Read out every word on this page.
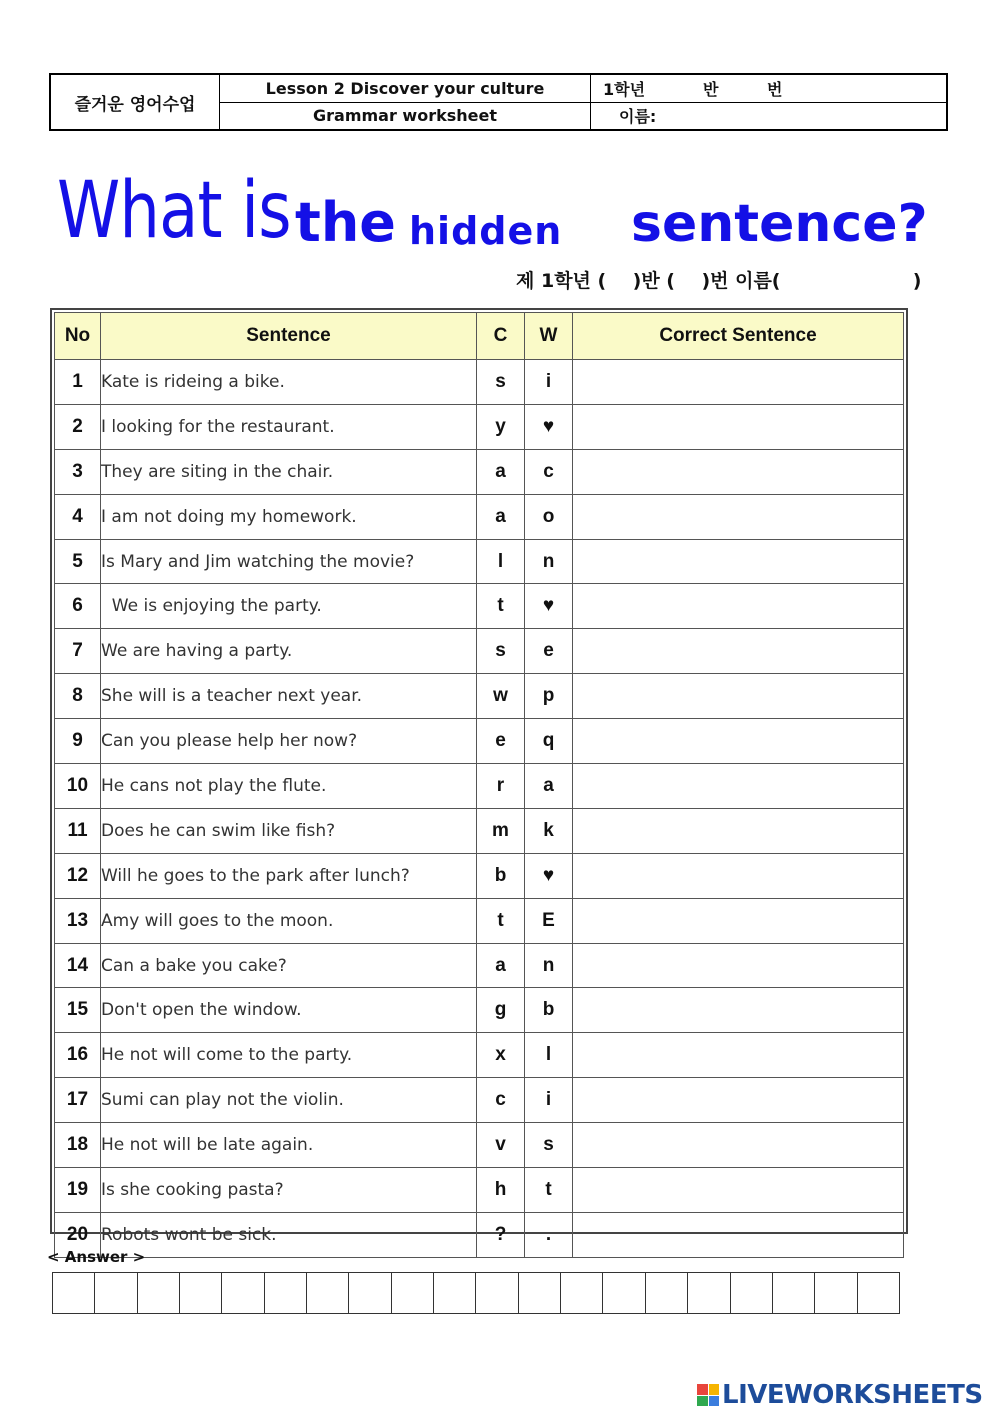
즐거운 영어수업
Lesson 2 Discover your culture
Grammar worksheet
1학년	반	번
이름:
What is the hidden sentence?
제 1학년 (    )반 (    )번 이름(                    )
No	Sentence	C	W	Correct Sentence
1	Kate is rideing a bike.	s	i	
2	I looking for the restaurant.	y	♥	
3	They are siting in the chair.	a	c	
4	I am not doing my homework.	a	o	
5	Is Mary and Jim watching the movie?	l	n	
6	We is enjoying the party.	t	♥	
7	We are having a party.	s	e	
8	She will is a teacher next year.	w	p	
9	Can you please help her now?	e	q	
10	He cans not play the flute.	r	a	
11	Does he can swim like fish?	m	k	
12	Will he goes to the park after lunch?	b	♥	
13	Amy will goes to the moon.	t	E	
14	Can a bake you cake?	a	n	
15	Don't open the window.	g	b	
16	He not will come to the party.	x	l	
17	Sumi can play not the violin.	c	i	
18	He not will be late again.	v	s	
19	Is she cooking pasta?	h	t	
20	Robots wont be sick.	?	.	
< Answer >
LIVEWORKSHEETS
